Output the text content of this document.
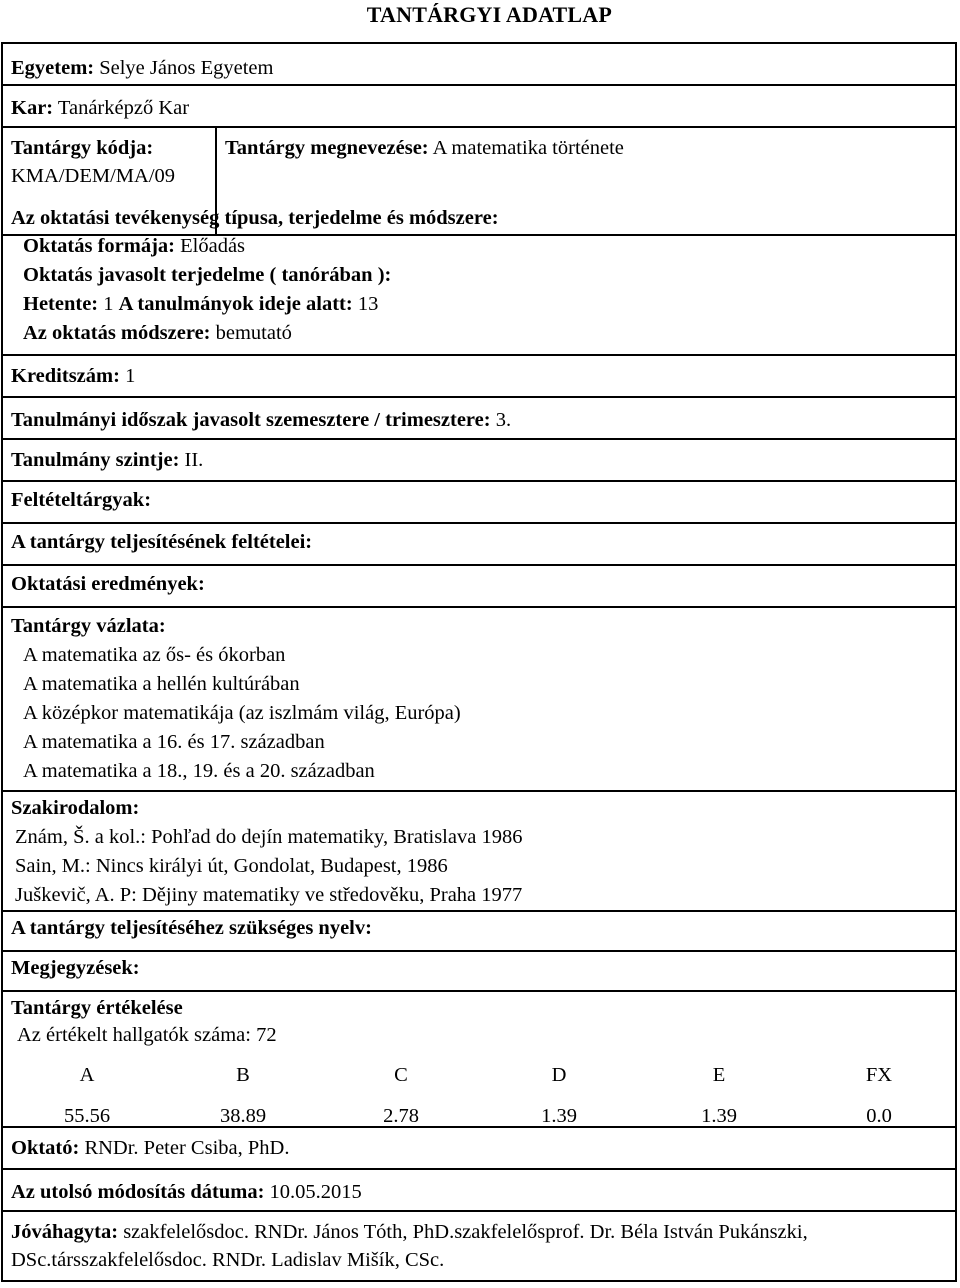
TANTÁRGYI ADATLAP
Egyetem: Selye János Egyetem
Kar: Tanárképző Kar
Tantárgy kódja:
KMA/DEM/MA/09
Tantárgy megnevezése: A matematika története
Az oktatási tevékenység típusa, terjedelme és módszere:
Oktatás formája: Előadás
Oktatás javasolt terjedelme ( tanórában ):
Hetente: 1 A tanulmányok ideje alatt: 13
Az oktatás módszere: bemutató
Kreditszám: 1
Tanulmányi időszak javasolt szemesztere / trimesztere: 3.
Tanulmány szintje: II.
Feltételtárgyak:
A tantárgy teljesítésének feltételei:
Oktatási eredmények:
Tantárgy vázlata:
A matematika az ős- és ókorban
A matematika a hellén kultúrában
A középkor matematikája (az iszlmám világ, Európa)
A matematika a 16. és 17. században
A matematika a 18., 19. és a 20. században
Szakirodalom:
Znám, Š. a kol.: Pohľad do dejín matematiky, Bratislava 1986
Sain, M.: Nincs királyi út, Gondolat, Budapest, 1986
Juškevič, A. P: Dějiny matematiky ve středověku, Praha 1977
A tantárgy teljesítéséhez szükséges nyelv:
Megjegyzések:
Tantárgy értékelése
Az értékelt hallgatók száma: 72
A
55.56
B
38.89
C
2.78
D
1.39
E
1.39
FX
0.0
Oktató: RNDr. Peter Csiba, PhD.
Az utolsó módosítás dátuma: 10.05.2015
Jóváhagyta: szakfelelősdoc. RNDr. János Tóth, PhD.szakfelelősprof. Dr. Béla István Pukánszki,
DSc.társszakfelelősdoc. RNDr. Ladislav Mišík, CSc.
